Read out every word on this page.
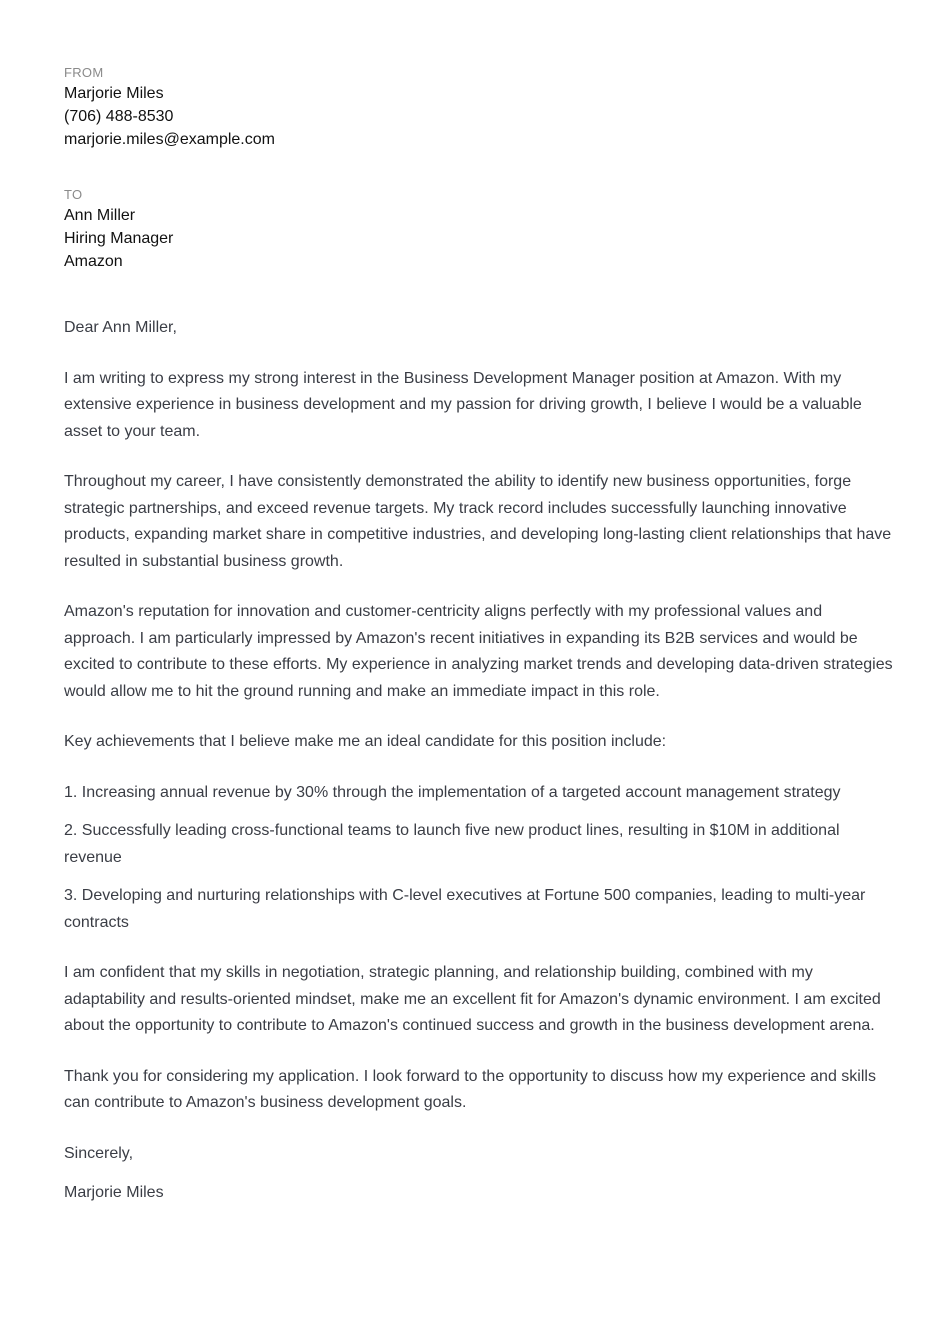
FROM
Marjorie Miles
(706) 488-8530
marjorie.miles@example.com
TO
Ann Miller
Hiring Manager
Amazon

Dear Ann Miller,

I am writing to express my strong interest in the Business Development Manager position at Amazon. With my extensive experience in business development and my passion for driving growth, I believe I would be a valuable asset to your team.

Throughout my career, I have consistently demonstrated the ability to identify new business opportunities, forge strategic partnerships, and exceed revenue targets. My track record includes successfully launching innovative products, expanding market share in competitive industries, and developing long-lasting client relationships that have resulted in substantial business growth.

Amazon's reputation for innovation and customer-centricity aligns perfectly with my professional values and approach. I am particularly impressed by Amazon's recent initiatives in expanding its B2B services and would be excited to contribute to these efforts. My experience in analyzing market trends and developing data-driven strategies would allow me to hit the ground running and make an immediate impact in this role.

Key achievements that I believe make me an ideal candidate for this position include:

1. Increasing annual revenue by 30% through the implementation of a targeted account management strategy

2. Successfully leading cross-functional teams to launch five new product lines, resulting in $10M in additional revenue

3. Developing and nurturing relationships with C-level executives at Fortune 500 companies, leading to multi-year contracts

I am confident that my skills in negotiation, strategic planning, and relationship building, combined with my adaptability and results-oriented mindset, make me an excellent fit for Amazon's dynamic environment. I am excited about the opportunity to contribute to Amazon's continued success and growth in the business development arena.

Thank you for considering my application. I look forward to the opportunity to discuss how my experience and skills can contribute to Amazon's business development goals.

Sincerely,

Marjorie Miles
